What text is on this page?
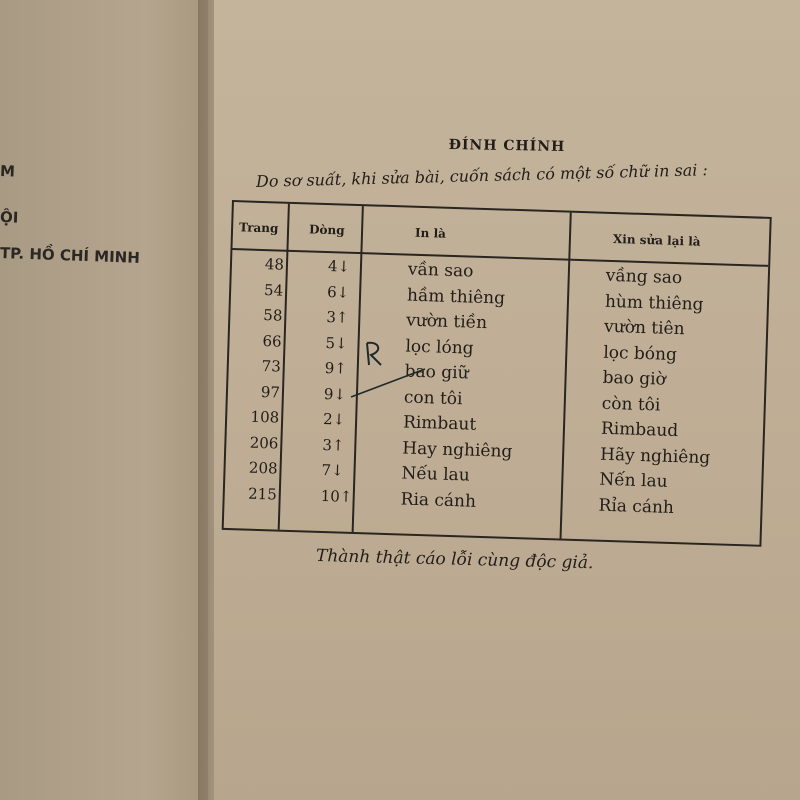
M
ỘI
TP. HỒ CHÍ MINH
ĐÍNH CHÍNH
Do sơ suất, khi sửa bài, cuốn sách có một số chữ in sai :
Trang	Dòng	In là	Xin sửa lại là
48	4↓	vần sao	vầng sao
54	6↓	hầm thiêng	hùm thiêng
58	3↑	vườn tiền	vườn tiên
66	5↓	lọc lóng	lọc bóng
73	9↑	bao giữ	bao giờ
97	9↓	con tôi	còn tôi
108	2↓	Rimbaut	Rimbaud
206	3↑	Hay nghiêng	Hãy nghiêng
208	7↓	Nếu lau	Nến lau
215	10↑	Ria cánh	Rỉa cánh
Thành thật cáo lỗi cùng độc giả.
